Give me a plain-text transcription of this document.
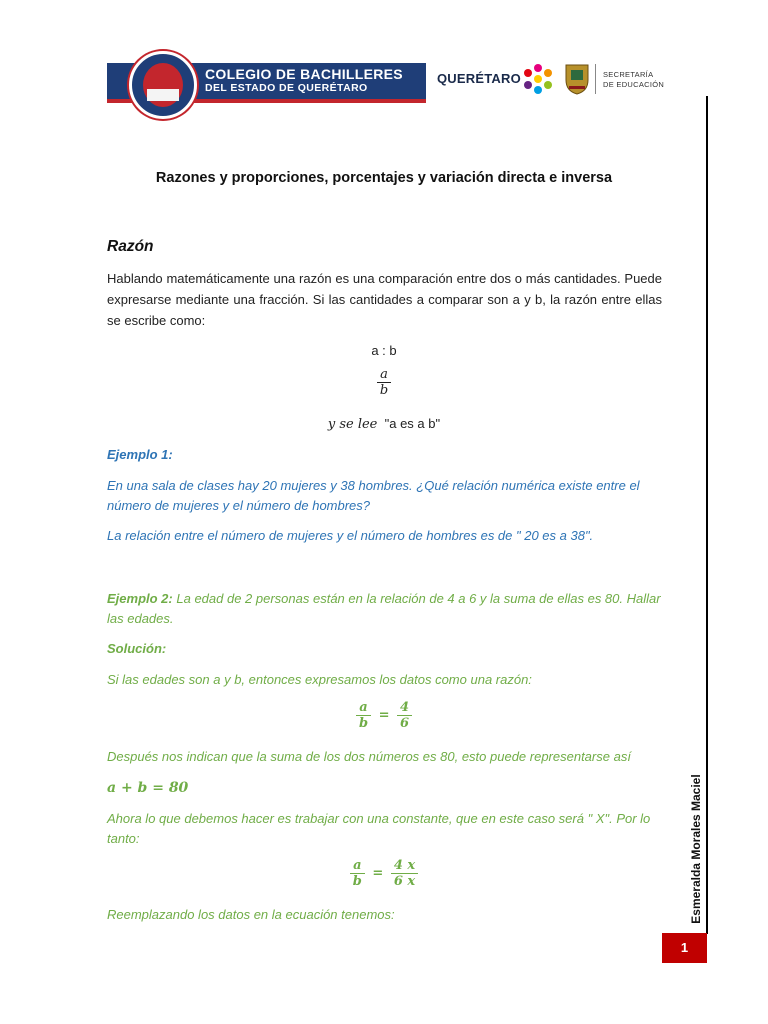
COLEGIO DE BACHILLERES
DEL ESTADO DE QUERÉTARO
QUERÉTARO	SECRETARÍA
DE EDUCACIÓN
Razones y proporciones, porcentajes y variación directa e inversa
Razón
Hablando matemáticamente una razón es una comparación entre dos o más cantidades. Puede expresarse mediante una fracción. Si las cantidades a comparar son a y b, la razón entre ellas se escribe como:
a : b
$\frac{a}{b}$
y se lee "a es a b"
Ejemplo 1:
En una sala de clases hay 20 mujeres y 38 hombres. ¿Qué relación numérica existe entre el número de mujeres y el número de hombres?
La relación entre el número de mujeres y el número de hombres es de " 20 es a 38".
Ejemplo 2: La edad de 2 personas están en la relación de 4 a 6 y la suma de ellas es 80. Hallar las edades.
Solución:
Si las edades son a y b, entonces expresamos los datos como una razón:
$\frac{a}{b} = \frac{4}{6}$
Después nos indican que la suma de los dos números es 80, esto puede representarse así
a + b = 80
Ahora lo que debemos hacer es trabajar con una constante, que en este caso será " X". Por lo tanto:
$\frac{a}{b} = \frac{4 x}{6 x}$
Reemplazando los datos en la ecuación tenemos:	Esmeralda Morales Maciel
1
